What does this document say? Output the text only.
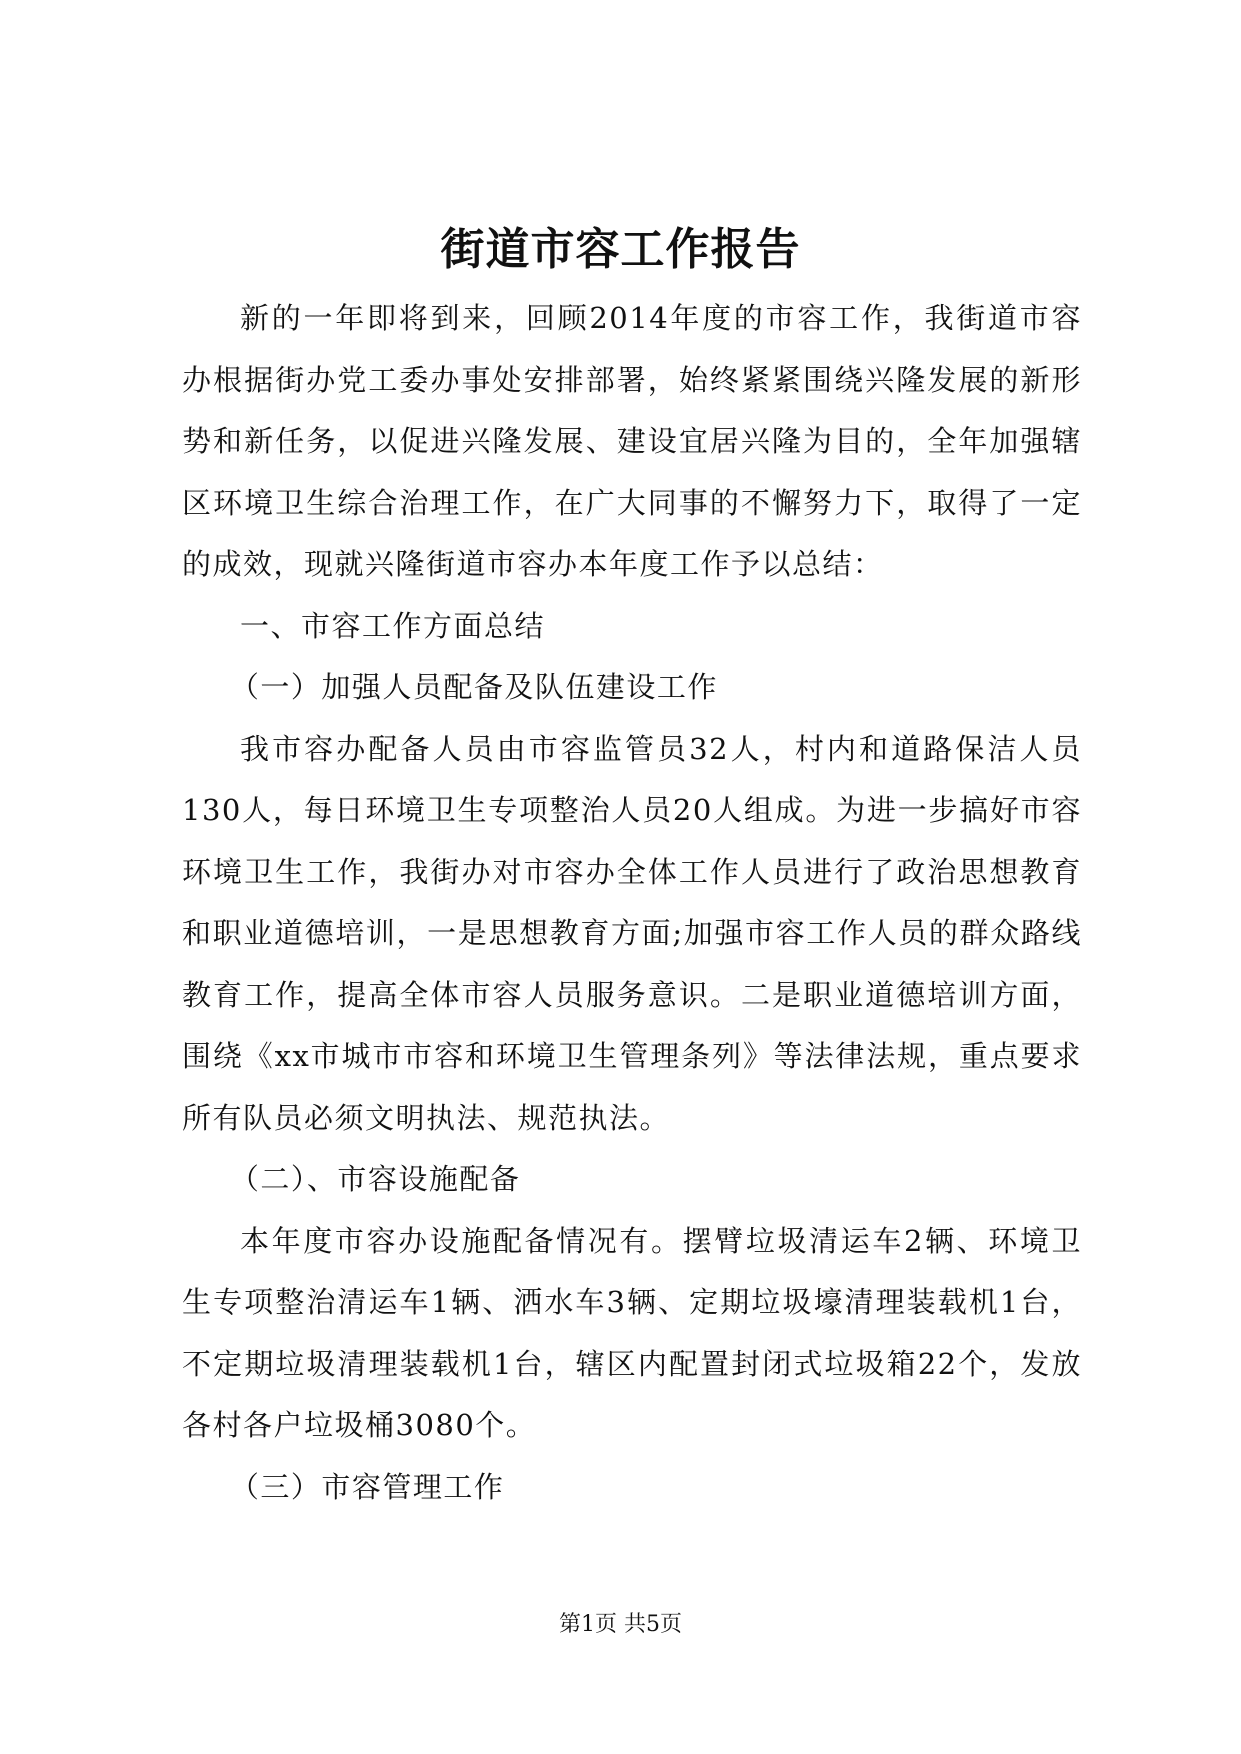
街道市容工作报告

新的一年即将到来，回顾2014年度的市容工作，我街道市容办根据街办党工委办事处安排部署，始终紧紧围绕兴隆发展的新形势和新任务，以促进兴隆发展、建设宜居兴隆为目的，全年加强辖区环境卫生综合治理工作，在广大同事的不懈努力下，取得了一定的成效，现就兴隆街道市容办本年度工作予以总结：

一、市容工作方面总结

（一）加强人员配备及队伍建设工作

我市容办配备人员由市容监管员32人，村内和道路保洁人员130人，每日环境卫生专项整治人员20人组成。为进一步搞好市容环境卫生工作，我街办对市容办全体工作人员进行了政治思想教育和职业道德培训，一是思想教育方面;加强市容工作人员的群众路线教育工作，提高全体市容人员服务意识。二是职业道德培训方面，围绕《xx市城市市容和环境卫生管理条列》等法律法规，重点要求所有队员必须文明执法、规范执法。

（二）、市容设施配备

本年度市容办设施配备情况有。摆臂垃圾清运车2辆、环境卫生专项整治清运车1辆、洒水车3辆、定期垃圾壕清理装载机1台，不定期垃圾清理装载机1台，辖区内配置封闭式垃圾箱22个，发放各村各户垃圾桶3080个。

（三）市容管理工作

第1页 共5页
